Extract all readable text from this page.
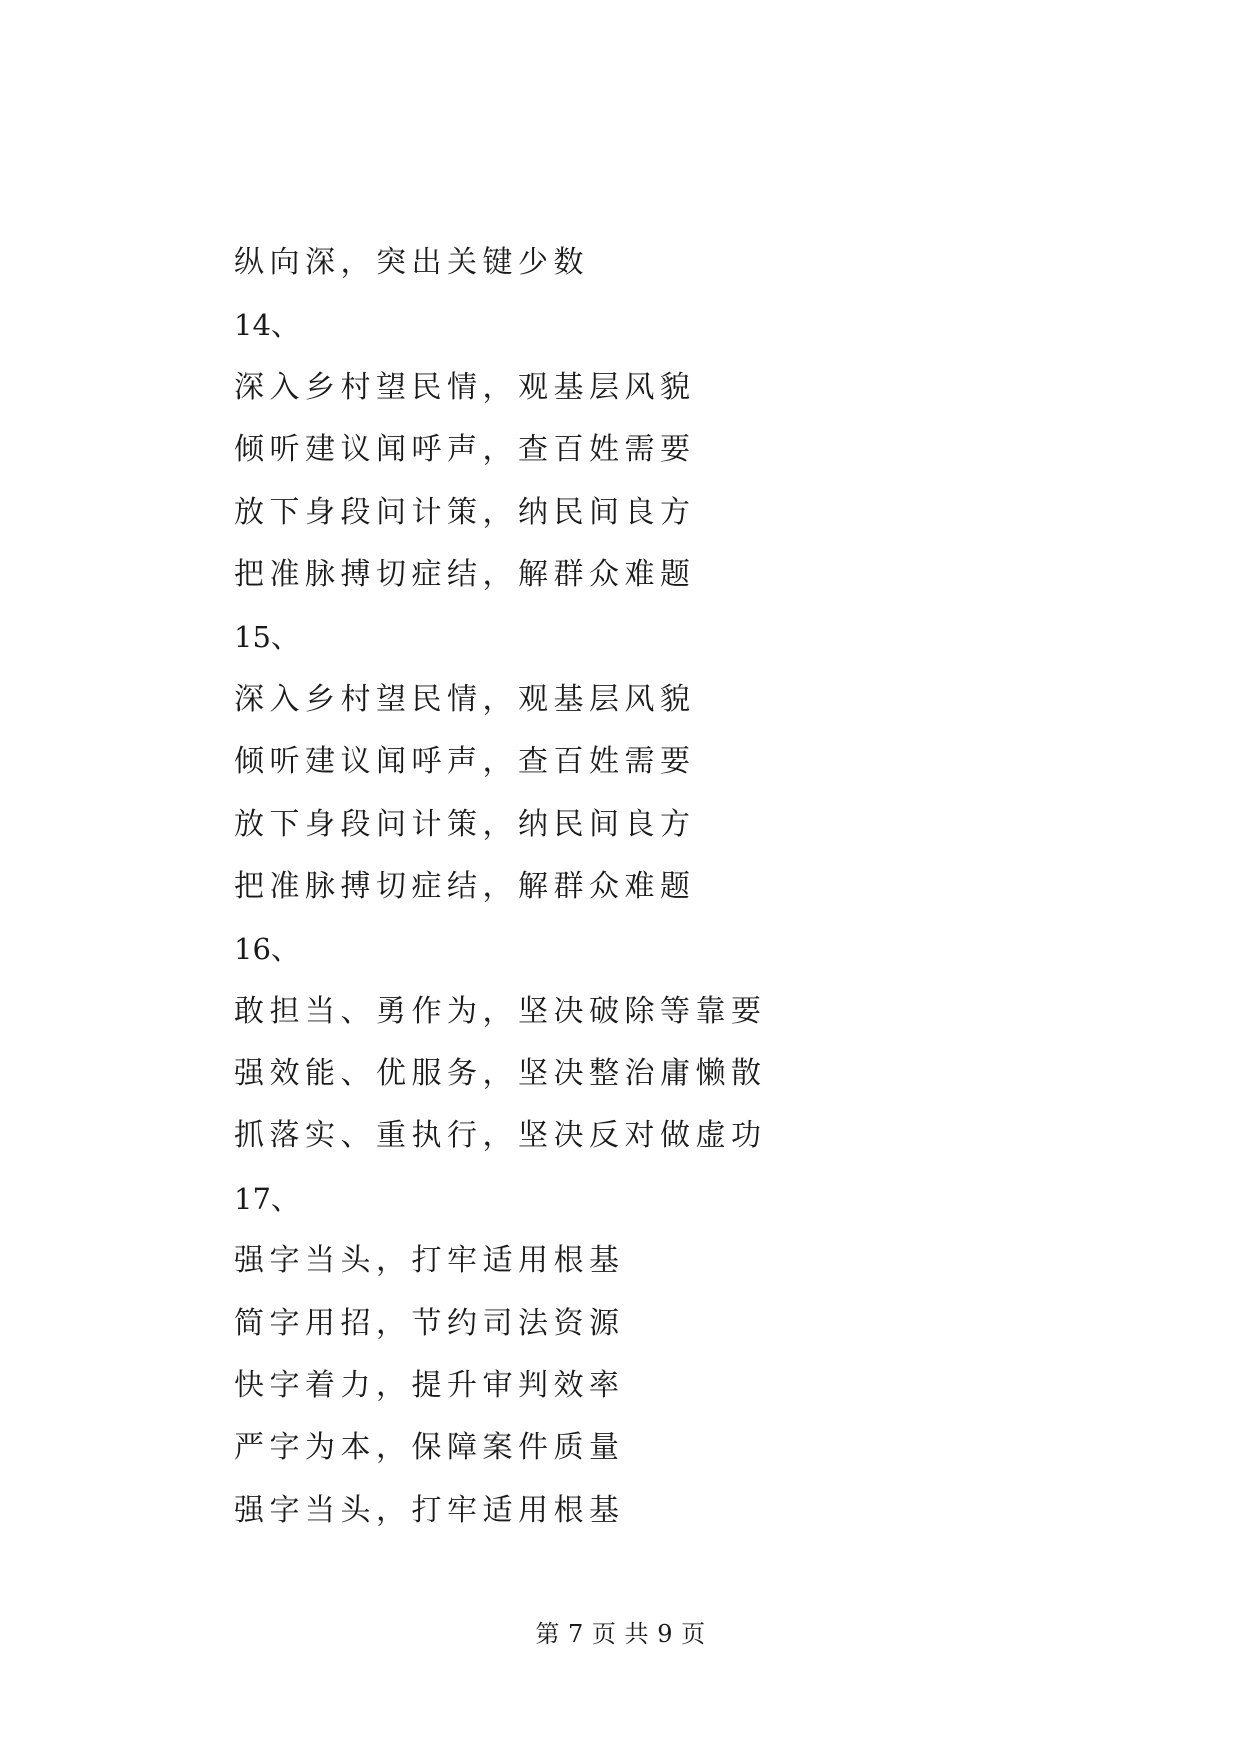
纵向深，突出关键少数
14、
深入乡村望民情，观基层风貌
倾听建议闻呼声，查百姓需要
放下身段问计策，纳民间良方
把准脉搏切症结，解群众难题
15、
深入乡村望民情，观基层风貌
倾听建议闻呼声，查百姓需要
放下身段问计策，纳民间良方
把准脉搏切症结，解群众难题
16、
敢担当、勇作为，坚决破除等靠要
强效能、优服务，坚决整治庸懒散
抓落实、重执行，坚决反对做虚功
17、
强字当头，打牢适用根基
简字用招，节约司法资源
快字着力，提升审判效率
严字为本，保障案件质量
强字当头，打牢适用根基
第 7 页 共 9 页
